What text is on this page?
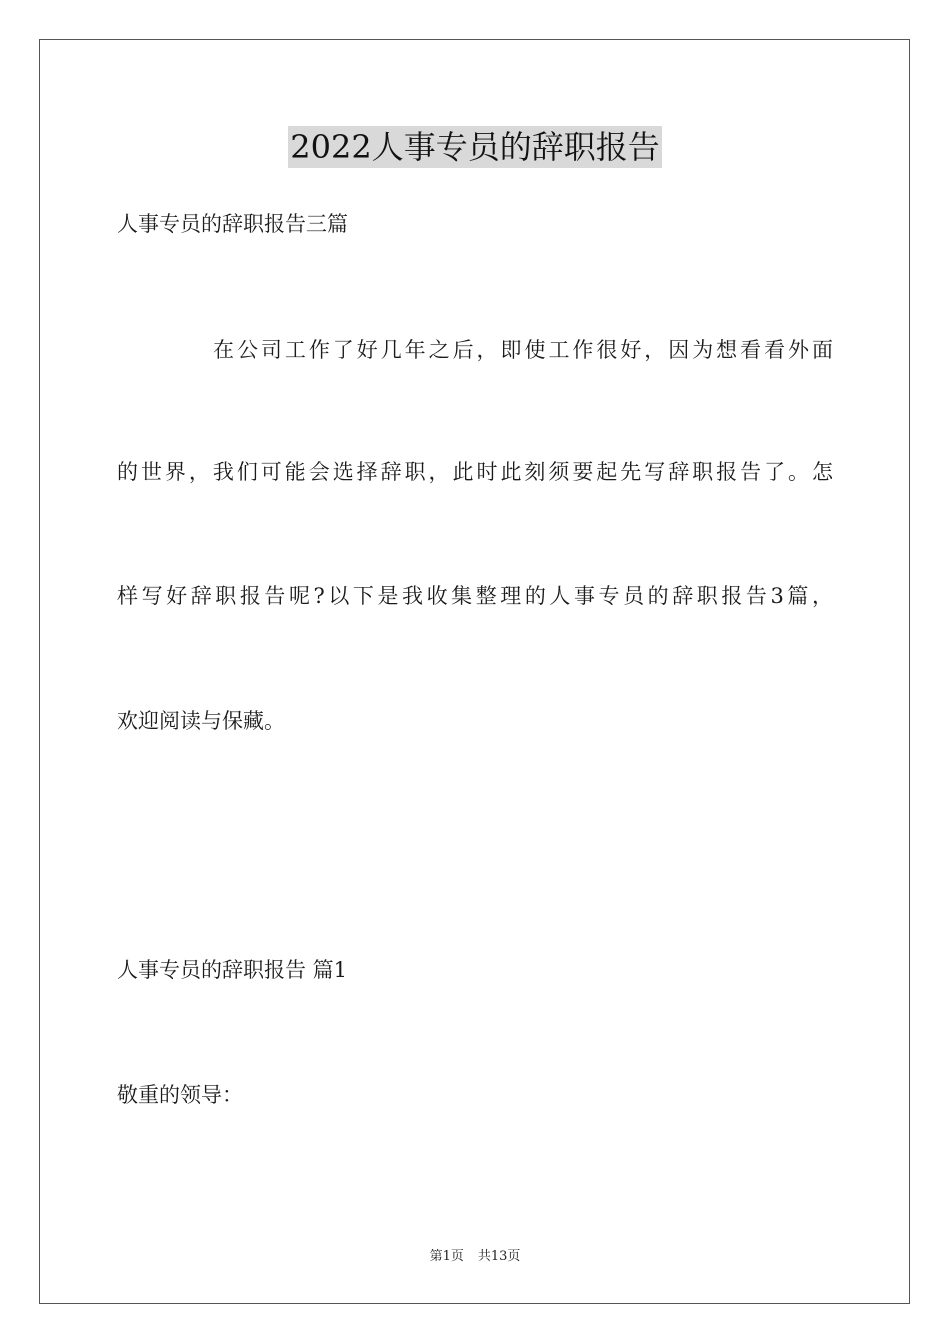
2022人事专员的辞职报告
人事专员的辞职报告三篇
在公司工作了好几年之后，即使工作很好，因为想看看外面
的世界，我们可能会选择辞职，此时此刻须要起先写辞职报告了。怎
样写好辞职报告呢?以下是我收集整理的人事专员的辞职报告3篇，
欢迎阅读与保藏。
人事专员的辞职报告 篇1
敬重的领导：
第1页 共13页
